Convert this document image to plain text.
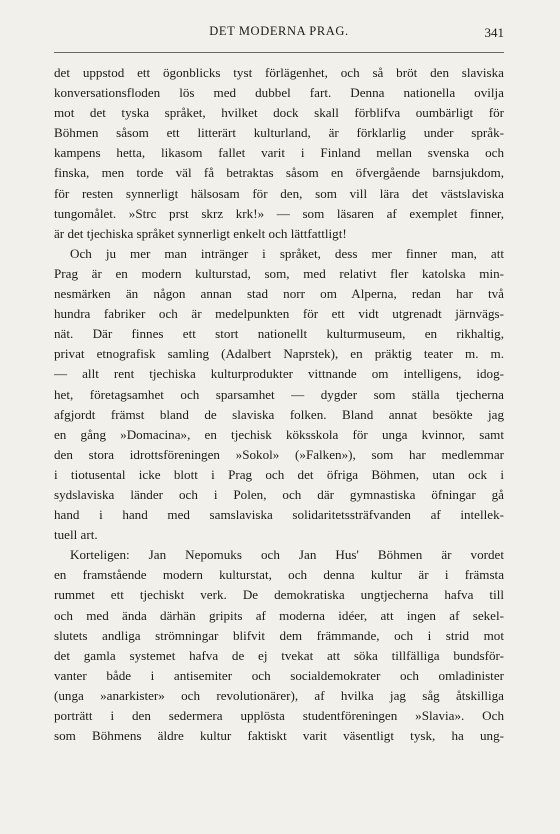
DET MODERNA PRAG.	341
det uppstod ett ögonblicks tyst förlägenhet, och så bröt den slaviska
konversationsfloden lös med dubbel fart. Denna nationella ovilja
mot det tyska språket, hvilket dock skall förblifva oumbärligt för
Böhmen såsom ett litterärt kulturland, är förklarlig under språk-
kampens hetta, likasom fallet varit i Finland mellan svenska och
finska, men torde väl få betraktas såsom en öfvergående barnsjukdom,
för resten synnerligt hälsosam för den, som vill lära det västslaviska
tungomålet. »Strc prst skrz krk!» — som läsaren af exemplet finner,
är det tjechiska språket synnerligt enkelt och lättfattligt!
Och ju mer man intränger i språket, dess mer finner man, att
Prag är en modern kulturstad, som, med relativt fler katolska min-
nesmärken än någon annan stad norr om Alperna, redan har två
hundra fabriker och är medelpunkten för ett vidt utgrenadt järnvägs-
nät. Där finnes ett stort nationellt kulturmuseum, en rikhaltig,
privat etnografisk samling (Adalbert Naprstek), en präktig teater m. m.
— allt rent tjechiska kulturprodukter vittnande om intelligens, idog-
het, företagsamhet och sparsamhet — dygder som ställa tjecherna
afgjordt främst bland de slaviska folken. Bland annat besökte jag
en gång »Domacina», en tjechisk köksskola för unga kvinnor, samt
den stora idrottsföreningen »Sokol» (»Falken»), som har medlemmar
i tiotusental icke blott i Prag och det öfriga Böhmen, utan ock i
sydslaviska länder och i Polen, och där gymnastiska öfningar gå
hand i hand med samslaviska solidaritetssträfvanden af intellek-
tuell art.
Korteligen: Jan Nepomuks och Jan Hus' Böhmen är vordet
en framstående modern kulturstat, och denna kultur är i främsta
rummet ett tjechiskt verk. De demokratiska ungtjecherna hafva till
och med ända därhän gripits af moderna idéer, att ingen af sekel-
slutets andliga strömningar blifvit dem främmande, och i strid mot
det gamla systemet hafva de ej tvekat att söka tillfälliga bundsför-
vanter både i antisemiter och socialdemokrater och omladinister
(unga »anarkister» och revolutionärer), af hvilka jag såg åtskilliga
porträtt i den sedermera upplösta studentföreningen »Slavia». Och
som Böhmens äldre kultur faktiskt varit väsentligt tysk, ha ung-
